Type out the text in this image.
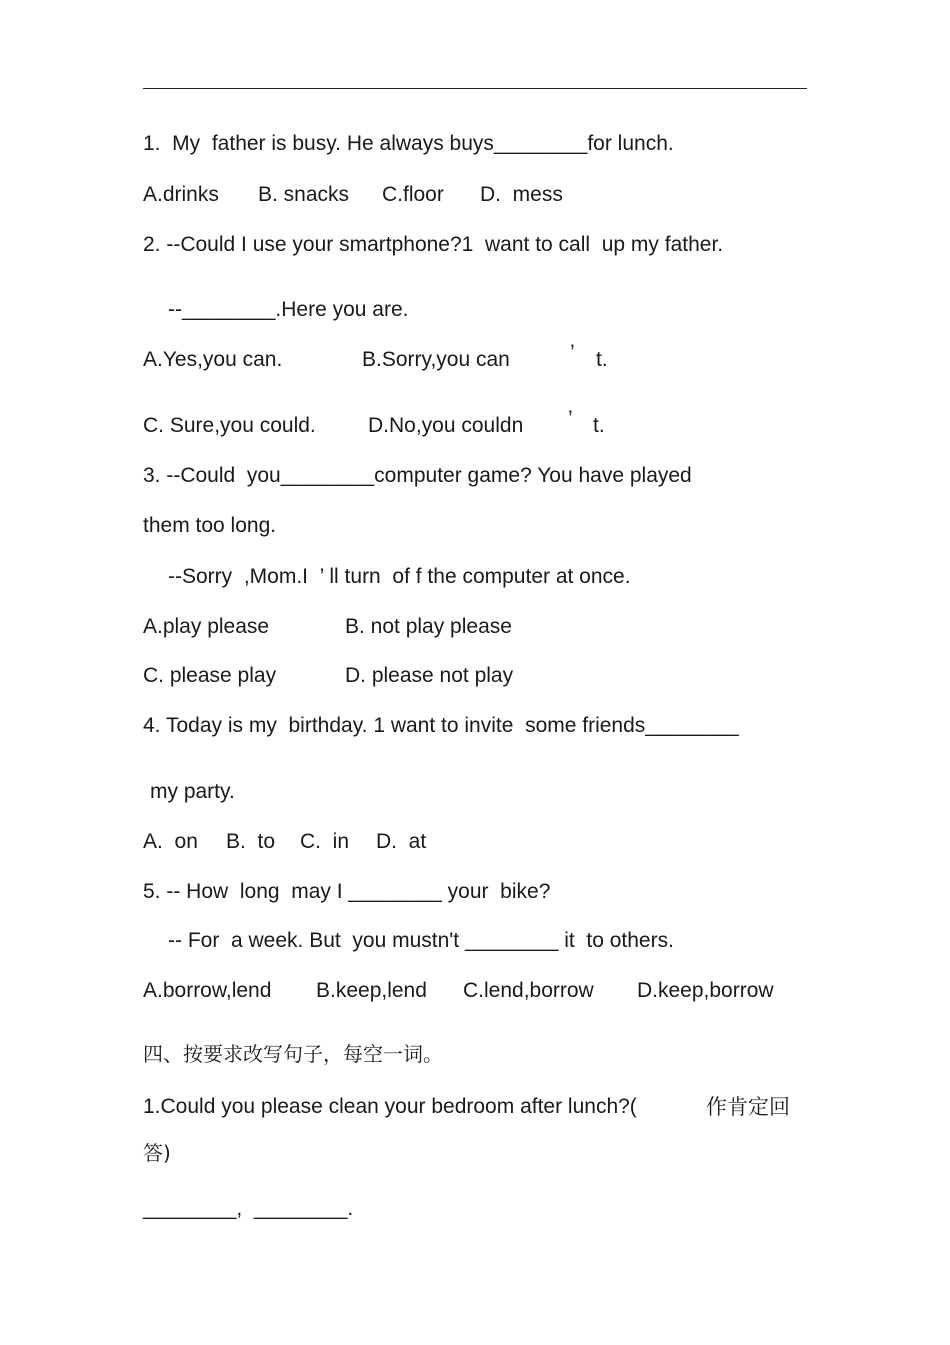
1.  My  father is busy. He always buys________for lunch.
A.drinks B. snacks C.floor D.  mess
2. --Could I use your smartphone?1  want to call  up my father.
--________.Here you are.
A.Yes,you can.	B.Sorry,you can	’ t.
C. Sure,you could. D.No,you couldn ’ t.
3. --Could  you________computer game? You have played
them too long.
--Sorry  ,Mom.I  ’ ll turn  of f the computer at once.
A.play please	B. not play please
C. please play	D. please not play
4. Today is my  birthday. 1 want to invite  some friends________
my party.
A.  on B.  to C.  in D.  at
5. -- How  long  may I ________ your  bike?
-- For  a week. But  you mustn't ________ it  to others.
A.borrow,lend B.keep,lend C.lend,borrow D.keep,borrow
四、按要求改写句子，每空一词。
1.Could you please clean your bedroom after lunch?(	作肯定回
答)
________,  ________.
